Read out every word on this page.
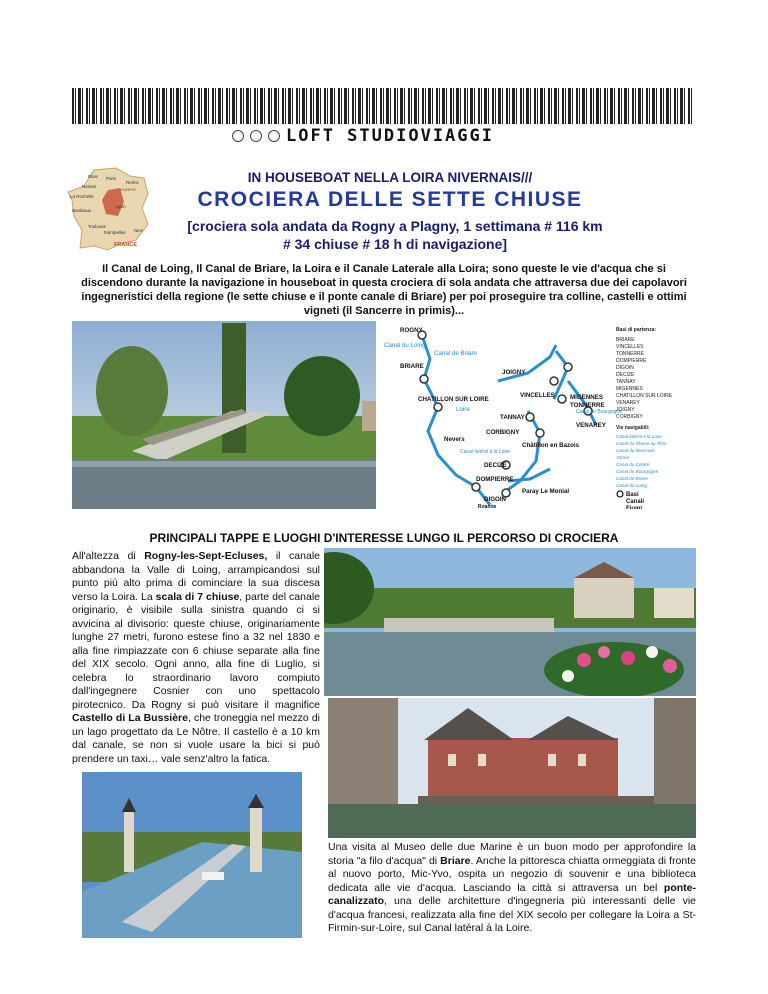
LOFT STUDIOVIAGGI
Blois Paris
Reims
Nantes
Auxerre
La Rochelle
Lyon
Bordeaux
Toulouse
Nice
Montpellier
FRANCE
IN HOUSEBOAT NELLA LOIRA NIVERNAIS///
CROCIERA DELLE SETTE CHIUSE
[crociera sola andata da Rogny a Plagny, 1 settimana # 116 km
# 34 chiuse # 18 h di navigazione]
Il Canal de Loing, Il Canal de Briare, la Loira e il Canale Laterale alla Loira; sono queste le vie d'acqua che si discendono durante la navigazione in houseboat in questa crociera di sola andata che attraversa due dei capolavori ingegneristici della regione (le sette chiuse e il ponte canale di Briare) per poi proseguire tra colline, castelli e ottimi vigneti (il Sancerre in primis)...
ROGNY
Canal du Loing
Canal de Briare
BRIARE
JOIGNY
CHATILLON SUR LOIRE
Loire
VINCELLES MIGENNES
TONNERRE
Canal de Bourgogne
TANNAY
VENAREY
CORBIGNY
Nevers
Châtillon en Bazois
Canal latéral à la Loire
DECIZE
DOMPIERRE
Paray Le Monial
DIGOIN
Roanne
Basi di partenza:
BRIARE
VINCELLES
TONNERRE
DOMPIERRE
DIGOIN
DECIZE
TANNAY
MIGENNES
CHATILLON SUR LOIRE
VENAREY
JOIGNY
CORBIGNY
Vie navigabili:
Canal latéral à la Loire
Canal du Rhone au Rhin
Canal du Nivernais
Yonne
Canal du Centre
Canal de Bourgogne
Canal de Briare
Canal du Loing
Basi
Canali
Fiumi
PRINCIPALI TAPPE E LUOGHI D'INTERESSE LUNGO IL PERCORSO DI CROCIERA
All'altezza di Rogny-les-Sept-Ecluses, il canale abbandona la Valle di Loing, arrampicandosi sul punto più alto prima di cominciare la sua discesa verso la Loira. La scala di 7 chiuse, parte del canale originario, è visibile sulla sinistra quando ci si avvicina al divisorio: queste chiuse, originariamente lunghe 27 metri, furono estese fino a 32 nel 1830 e alla fine rimpiazzate con 6 chiuse separate alla fine del XIX secolo. Ogni anno, alla fine di Luglio, si celebra lo straordinario lavoro compiuto dall'ingegnere Cosnier con uno spettacolo pirotecnico. Da Rogny si può visitare il magnifice Castello di La Bussière, che troneggia nel mezzo di un lago progettato da Le Nôtre. Il castello è a 10 km dal canale, se non si vuole usare la bici si può prendere un taxi… vale senz'altro la fatica.
Una visita al Museo delle due Marine è un buon modo per approfondire la storia "a filo d'acqua" di Briare. Anche la pittoresca chiatta ormeggiata di fronte al nuovo porto, Mic-Yvo, ospita un negozio di souvenir e una biblioteca dedicata alle vie d'acqua. Lasciando la città si attraversa un bel ponte-canalizzato, una delle architetture d'ingegneria più interessanti delle vie d'acqua francesi, realizzata alla fine del XIX secolo per collegare la Loira a St-Firmin-sur-Loire, sul Canal latéral à la Loire.
